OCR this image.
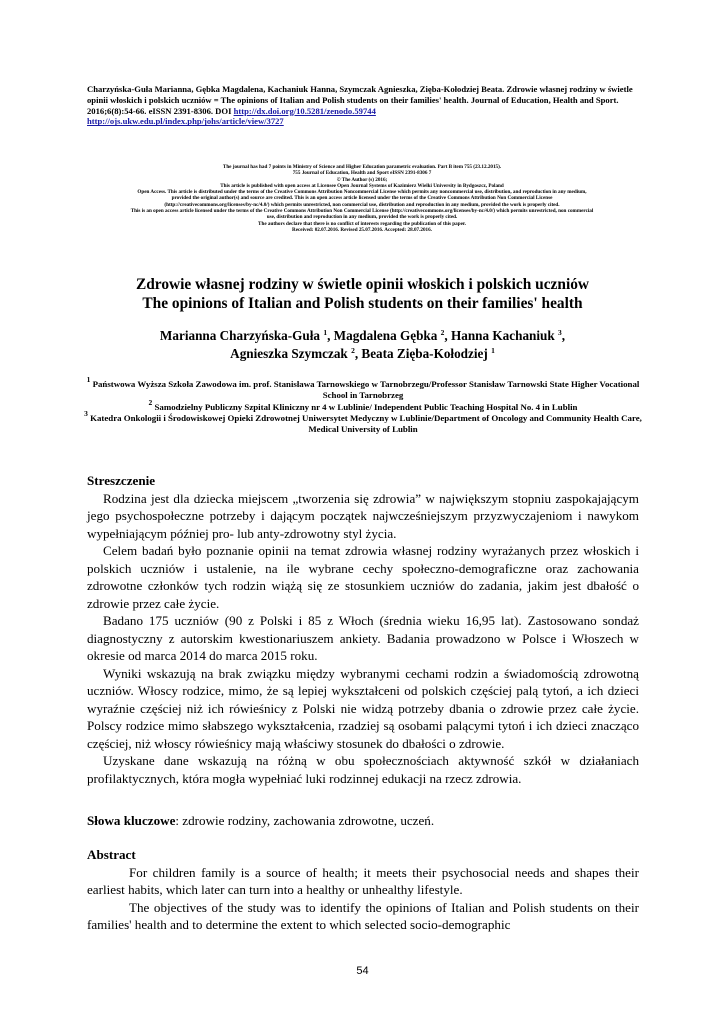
Charzyńska-Guła Marianna, Gębka Magdalena, Kachaniuk Hanna, Szymczak Agnieszka, Zięba-Kołodziej Beata. Zdrowie własnej rodziny w świetle opinii włoskich i polskich uczniów = The opinions of Italian and Polish students on their families' health. Journal of Education, Health and Sport. 2016;6(8):54-66. eISSN 2391-8306. DOI http://dx.doi.org/10.5281/zenodo.59744
http://ojs.ukw.edu.pl/index.php/johs/article/view/3727
The journal has had 7 points in Ministry of Science and Higher Education parametric evaluation. Part B item 755 (23.12.2015).
755 Journal of Education, Health and Sport eISSN 2391-8306 7
© The Author (s) 2016;
This article is published with open access at Licensee Open Journal Systems of Kazimierz Wielki University in Bydgoszcz, Poland
Open Access. This article is distributed under the terms of the Creative Commons Attribution Noncommercial License which permits any noncommercial use, distribution, and reproduction in any medium,
provided the original author(s) and source are credited. This is an open access article licensed under the terms of the Creative Commons Attribution Non Commercial License
(http://creativecommons.org/licenses/by-nc/4.0/) which permits unrestricted, non commercial use, distribution and reproduction in any medium, provided the work is properly cited.
This is an open access article licensed under the terms of the Creative Commons Attribution Non Commercial License (http://creativecommons.org/licenses/by-nc/4.0/) which permits unrestricted, non commercial
use, distribution and reproduction in any medium, provided the work is properly cited.
The authors declare that there is no conflict of interests regarding the publication of this paper.
Received: 02.07.2016. Revised 25.07.2016. Accepted: 28.07.2016.
Zdrowie własnej rodziny w świetle opinii włoskich i polskich uczniów
The opinions of Italian and Polish students on their families' health
Marianna Charzyńska-Guła $^1$, Magdalena Gębka $^2$, Hanna Kachaniuk $^3$,
Agnieszka Szymczak $^2$, Beata Zięba-Kołodziej $^1$
$^1$ Państwowa Wyższa Szkoła Zawodowa im. prof. Stanisława Tarnowskiego w Tarnobrzegu/Professor Stanisław Tarnowski State Higher Vocational School in Tarnobrzeg
$^2$ Samodzielny Publiczny Szpital Kliniczny nr 4 w Lublinie/ Independent Public Teaching Hospital No. 4 in Lublin
$^3$ Katedra Onkologii i Środowiskowej Opieki Zdrowotnej Uniwersytet Medyczny w Lublinie/Department of Oncology and Community Health Care, Medical University of Lublin

Streszczenie

Rodzina jest dla dziecka miejscem „tworzenia się zdrowia” w największym stopniu zaspokajającym jego psychospołeczne potrzeby i dającym początek najwcześniejszym przyzwyczajeniom i nawykom wypełniającym później pro- lub anty-zdrowotny styl życia.

Celem badań było poznanie opinii na temat zdrowia własnej rodziny wyrażanych przez włoskich i polskich uczniów i ustalenie, na ile wybrane cechy społeczno-demograficzne oraz zachowania zdrowotne członków tych rodzin wiążą się ze stosunkiem uczniów do zadania, jakim jest dbałość o zdrowie przez całe życie.

Badano 175 uczniów (90 z Polski i 85 z Włoch (średnia wieku 16,95 lat). Zastosowano sondaż diagnostyczny z autorskim kwestionariuszem ankiety. Badania prowadzono w Polsce i Włoszech w okresie od marca 2014 do marca 2015 roku.

Wyniki wskazują na brak związku między wybranymi cechami rodzin a świadomością zdrowotną uczniów. Włoscy rodzice, mimo, że są lepiej wykształceni od polskich częściej palą tytoń, a ich dzieci wyraźnie częściej niż ich rówieśnicy z Polski nie widzą potrzeby dbania o zdrowie przez całe życie. Polscy rodzice mimo słabszego wykształcenia, rzadziej są osobami palącymi tytoń i ich dzieci znacząco częściej, niż włoscy rówieśnicy mają właściwy stosunek do dbałości o zdrowie.

Uzyskane dane wskazują na różną w obu społecznościach aktywność szkół w działaniach profilaktycznych, która mogła wypełniać luki rodzinnej edukacji na rzecz zdrowia.

Słowa kluczowe: zdrowie rodziny, zachowania zdrowotne, uczeń.

Abstract

For children family is a source of health; it meets their psychosocial needs and shapes their earliest habits, which later can turn into a healthy or unhealthy lifestyle.

The objectives of the study was to identify the opinions of Italian and Polish students on their families' health and to determine the extent to which selected socio-demographic

54
